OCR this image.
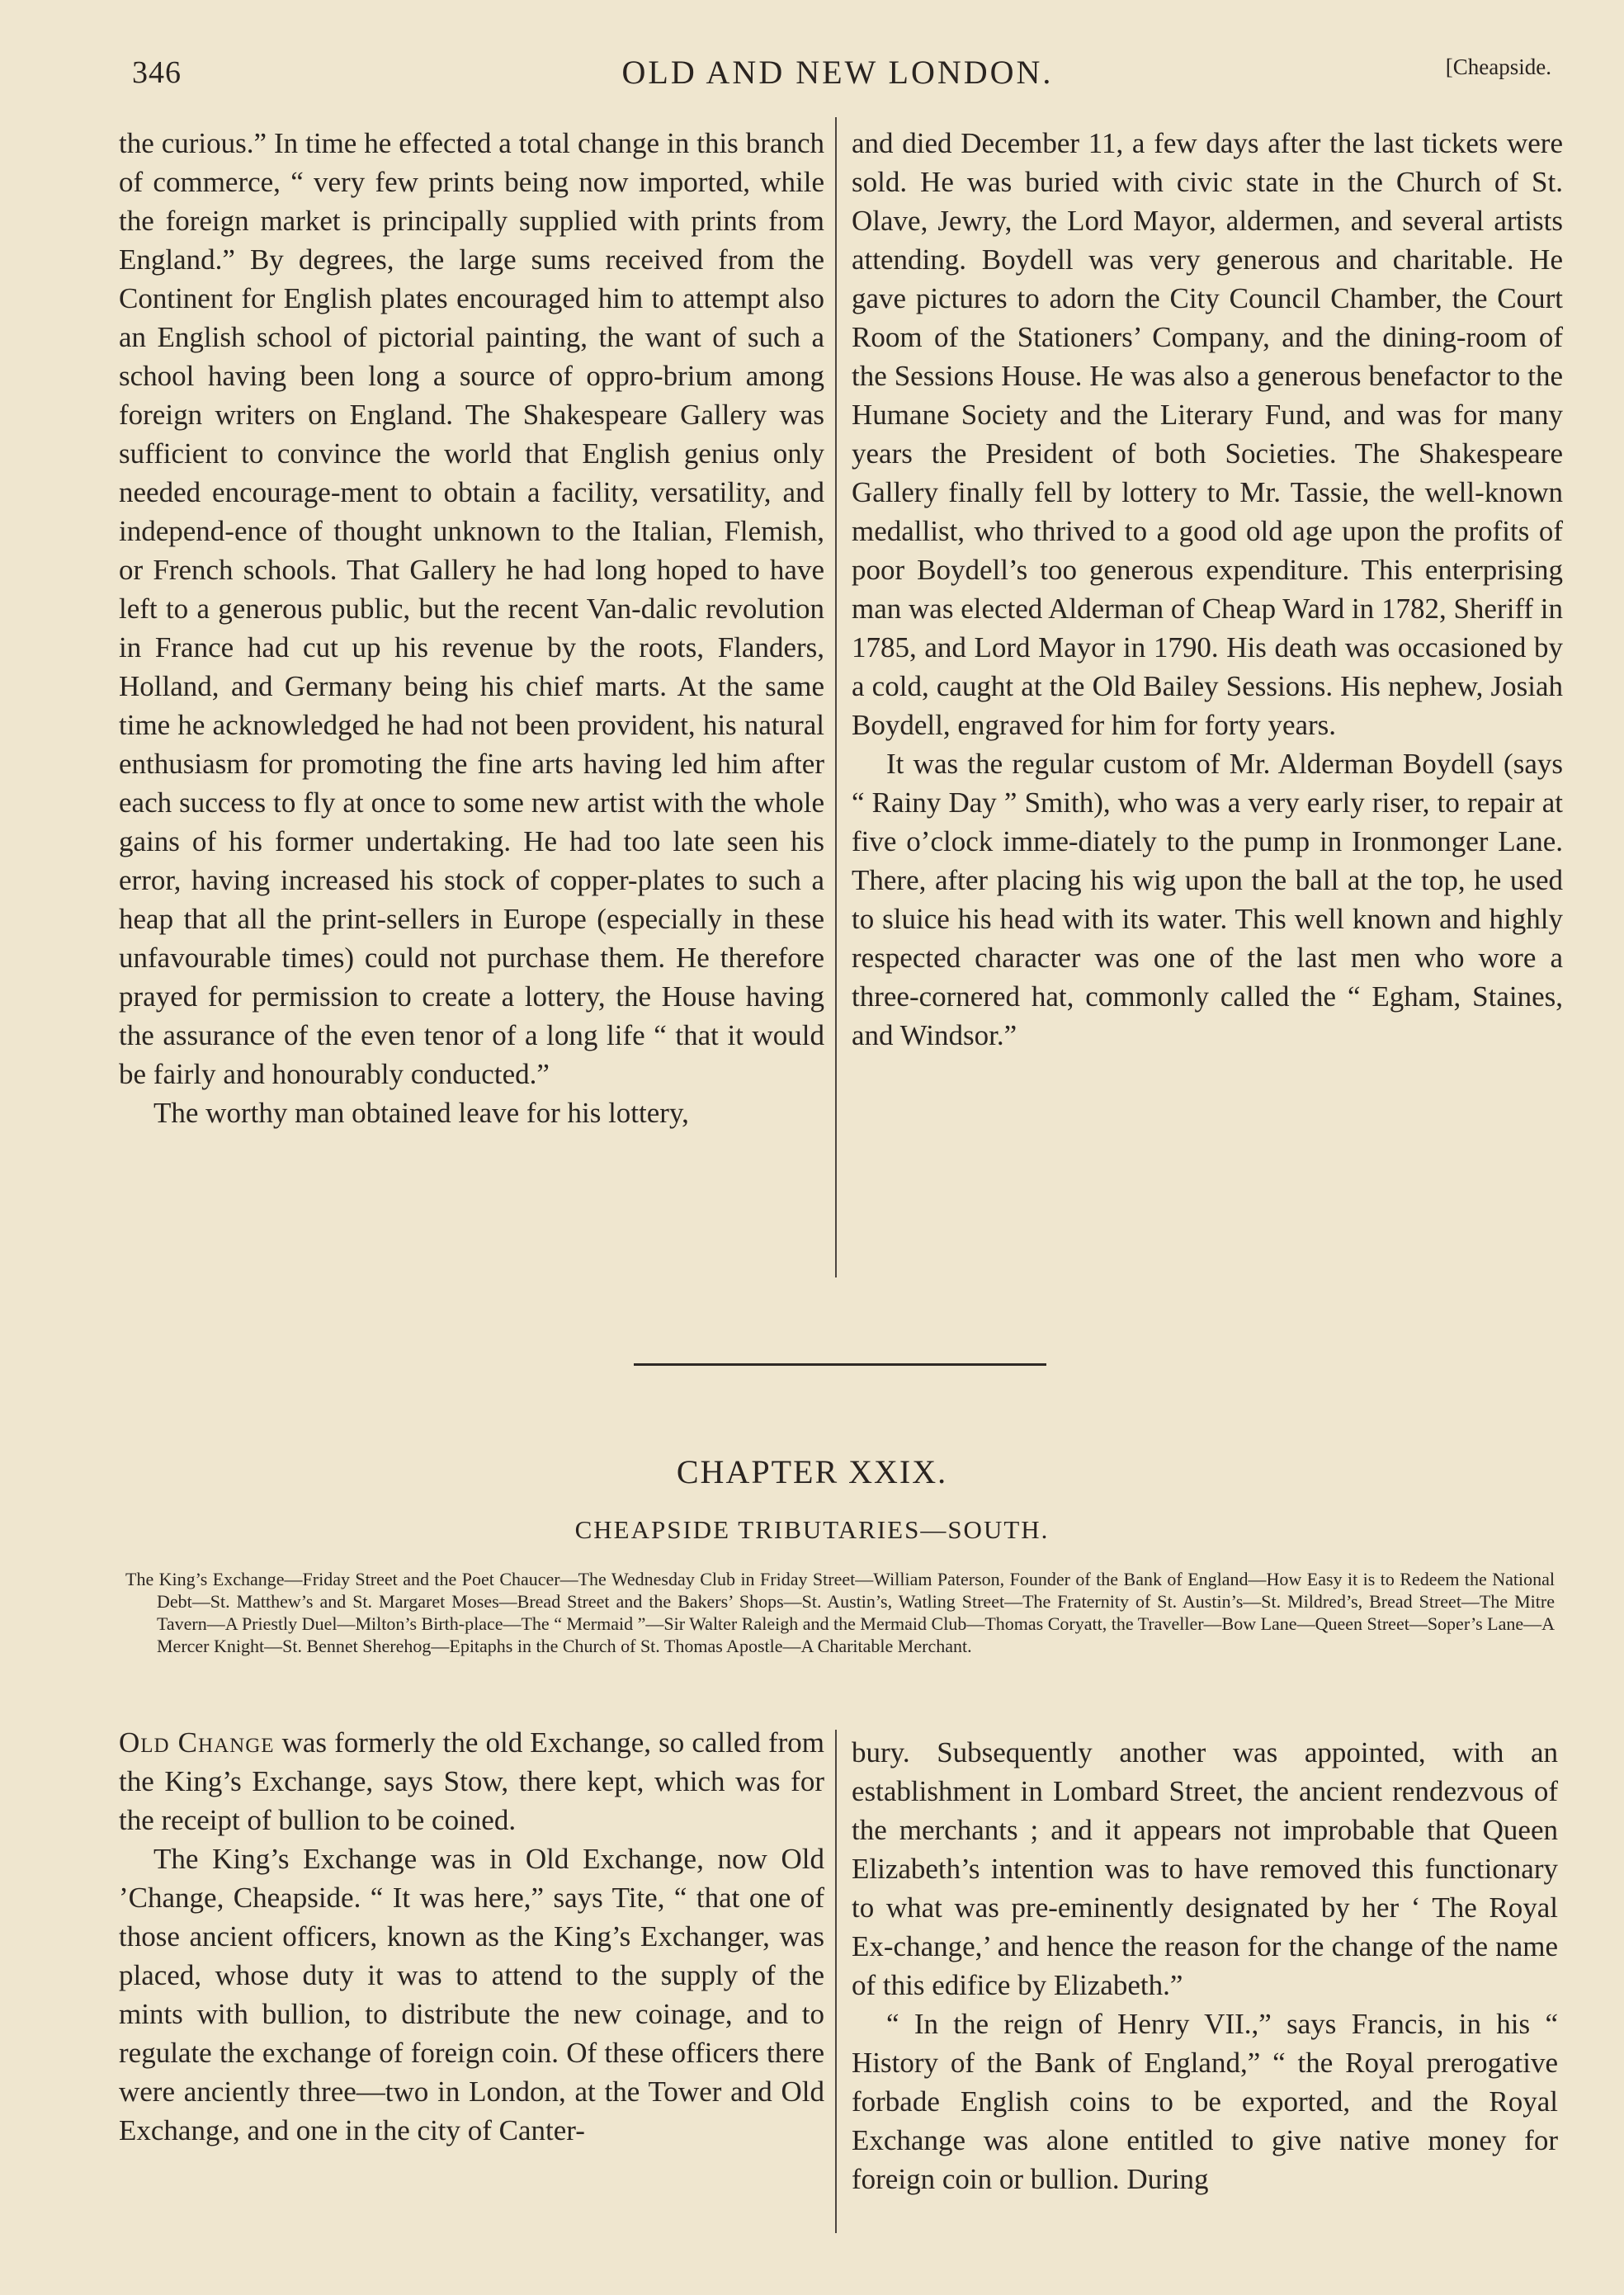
346	OLD AND NEW LONDON.	[Cheapside.

the curious.” In time he effected a total change in this branch of commerce, “ very few prints being now imported, while the foreign market is principally supplied with prints from England.” By degrees, the large sums received from the Continent for English plates encouraged him to attempt also an English school of pictorial painting, the want of such a school having been long a source of oppro-brium among foreign writers on England. The Shakespeare Gallery was sufficient to convince the world that English genius only needed encourage-ment to obtain a facility, versatility, and independ-ence of thought unknown to the Italian, Flemish, or French schools. That Gallery he had long hoped to have left to a generous public, but the recent Van-dalic revolution in France had cut up his revenue by the roots, Flanders, Holland, and Germany being his chief marts. At the same time he acknowledged he had not been provident, his natural enthusiasm for promoting the fine arts having led him after each success to fly at once to some new artist with the whole gains of his former undertaking. He had too late seen his error, having increased his stock of copper-plates to such a heap that all the print-sellers in Europe (especially in these unfavourable times) could not purchase them. He therefore prayed for permission to create a lottery, the House having the assurance of the even tenor of a long life “ that it would be fairly and honourably conducted.”

The worthy man obtained leave for his lottery,

and died December 11, a few days after the last tickets were sold. He was buried with civic state in the Church of St. Olave, Jewry, the Lord Mayor, aldermen, and several artists attending. Boydell was very generous and charitable. He gave pictures to adorn the City Council Chamber, the Court Room of the Stationers’ Company, and the dining-room of the Sessions House. He was also a generous benefactor to the Humane Society and the Literary Fund, and was for many years the President of both Societies. The Shakespeare Gallery finally fell by lottery to Mr. Tassie, the well-known medallist, who thrived to a good old age upon the profits of poor Boydell’s too generous expenditure. This enterprising man was elected Alderman of Cheap Ward in 1782, Sheriff in 1785, and Lord Mayor in 1790. His death was occasioned by a cold, caught at the Old Bailey Sessions. His nephew, Josiah Boydell, engraved for him for forty years.

It was the regular custom of Mr. Alderman Boydell (says “ Rainy Day ” Smith), who was a very early riser, to repair at five o’clock imme-diately to the pump in Ironmonger Lane. There, after placing his wig upon the ball at the top, he used to sluice his head with its water. This well known and highly respected character was one of the last men who wore a three-cornered hat, commonly called the “ Egham, Staines, and Windsor.”

CHAPTER XXIX.
CHEAPSIDE TRIBUTARIES—SOUTH.
The King’s Exchange—Friday Street and the Poet Chaucer—The Wednesday Club in Friday Street—William Paterson, Founder of the Bank of England—How Easy it is to Redeem the National Debt—St. Matthew’s and St. Margaret Moses—Bread Street and the Bakers’ Shops—St. Austin’s, Watling Street—The Fraternity of St. Austin’s—St. Mildred’s, Bread Street—The Mitre Tavern—A Priestly Duel—Milton’s Birth-place—The “ Mermaid ”—Sir Walter Raleigh and the Mermaid Club—Thomas Coryatt, the Traveller—Bow Lane—Queen Street—Soper’s Lane—A Mercer Knight—St. Bennet Sherehog—Epitaphs in the Church of St. Thomas Apostle—A Charitable Merchant.

Old Change was formerly the old Exchange, so called from the King’s Exchange, says Stow, there kept, which was for the receipt of bullion to be coined.

The King’s Exchange was in Old Exchange, now Old ’Change, Cheapside. “ It was here,” says Tite, “ that one of those ancient officers, known as the King’s Exchanger, was placed, whose duty it was to attend to the supply of the mints with bullion, to distribute the new coinage, and to regulate the exchange of foreign coin. Of these officers there were anciently three—two in London, at the Tower and Old Exchange, and one in the city of Canter-

bury. Subsequently another was appointed, with an establishment in Lombard Street, the ancient rendezvous of the merchants ; and it appears not improbable that Queen Elizabeth’s intention was to have removed this functionary to what was pre-eminently designated by her ‘ The Royal Ex-change,’ and hence the reason for the change of the name of this edifice by Elizabeth.”

“ In the reign of Henry VII.,” says Francis, in his “ History of the Bank of England,” “ the Royal prerogative forbade English coins to be exported, and the Royal Exchange was alone entitled to give native money for foreign coin or bullion. During
